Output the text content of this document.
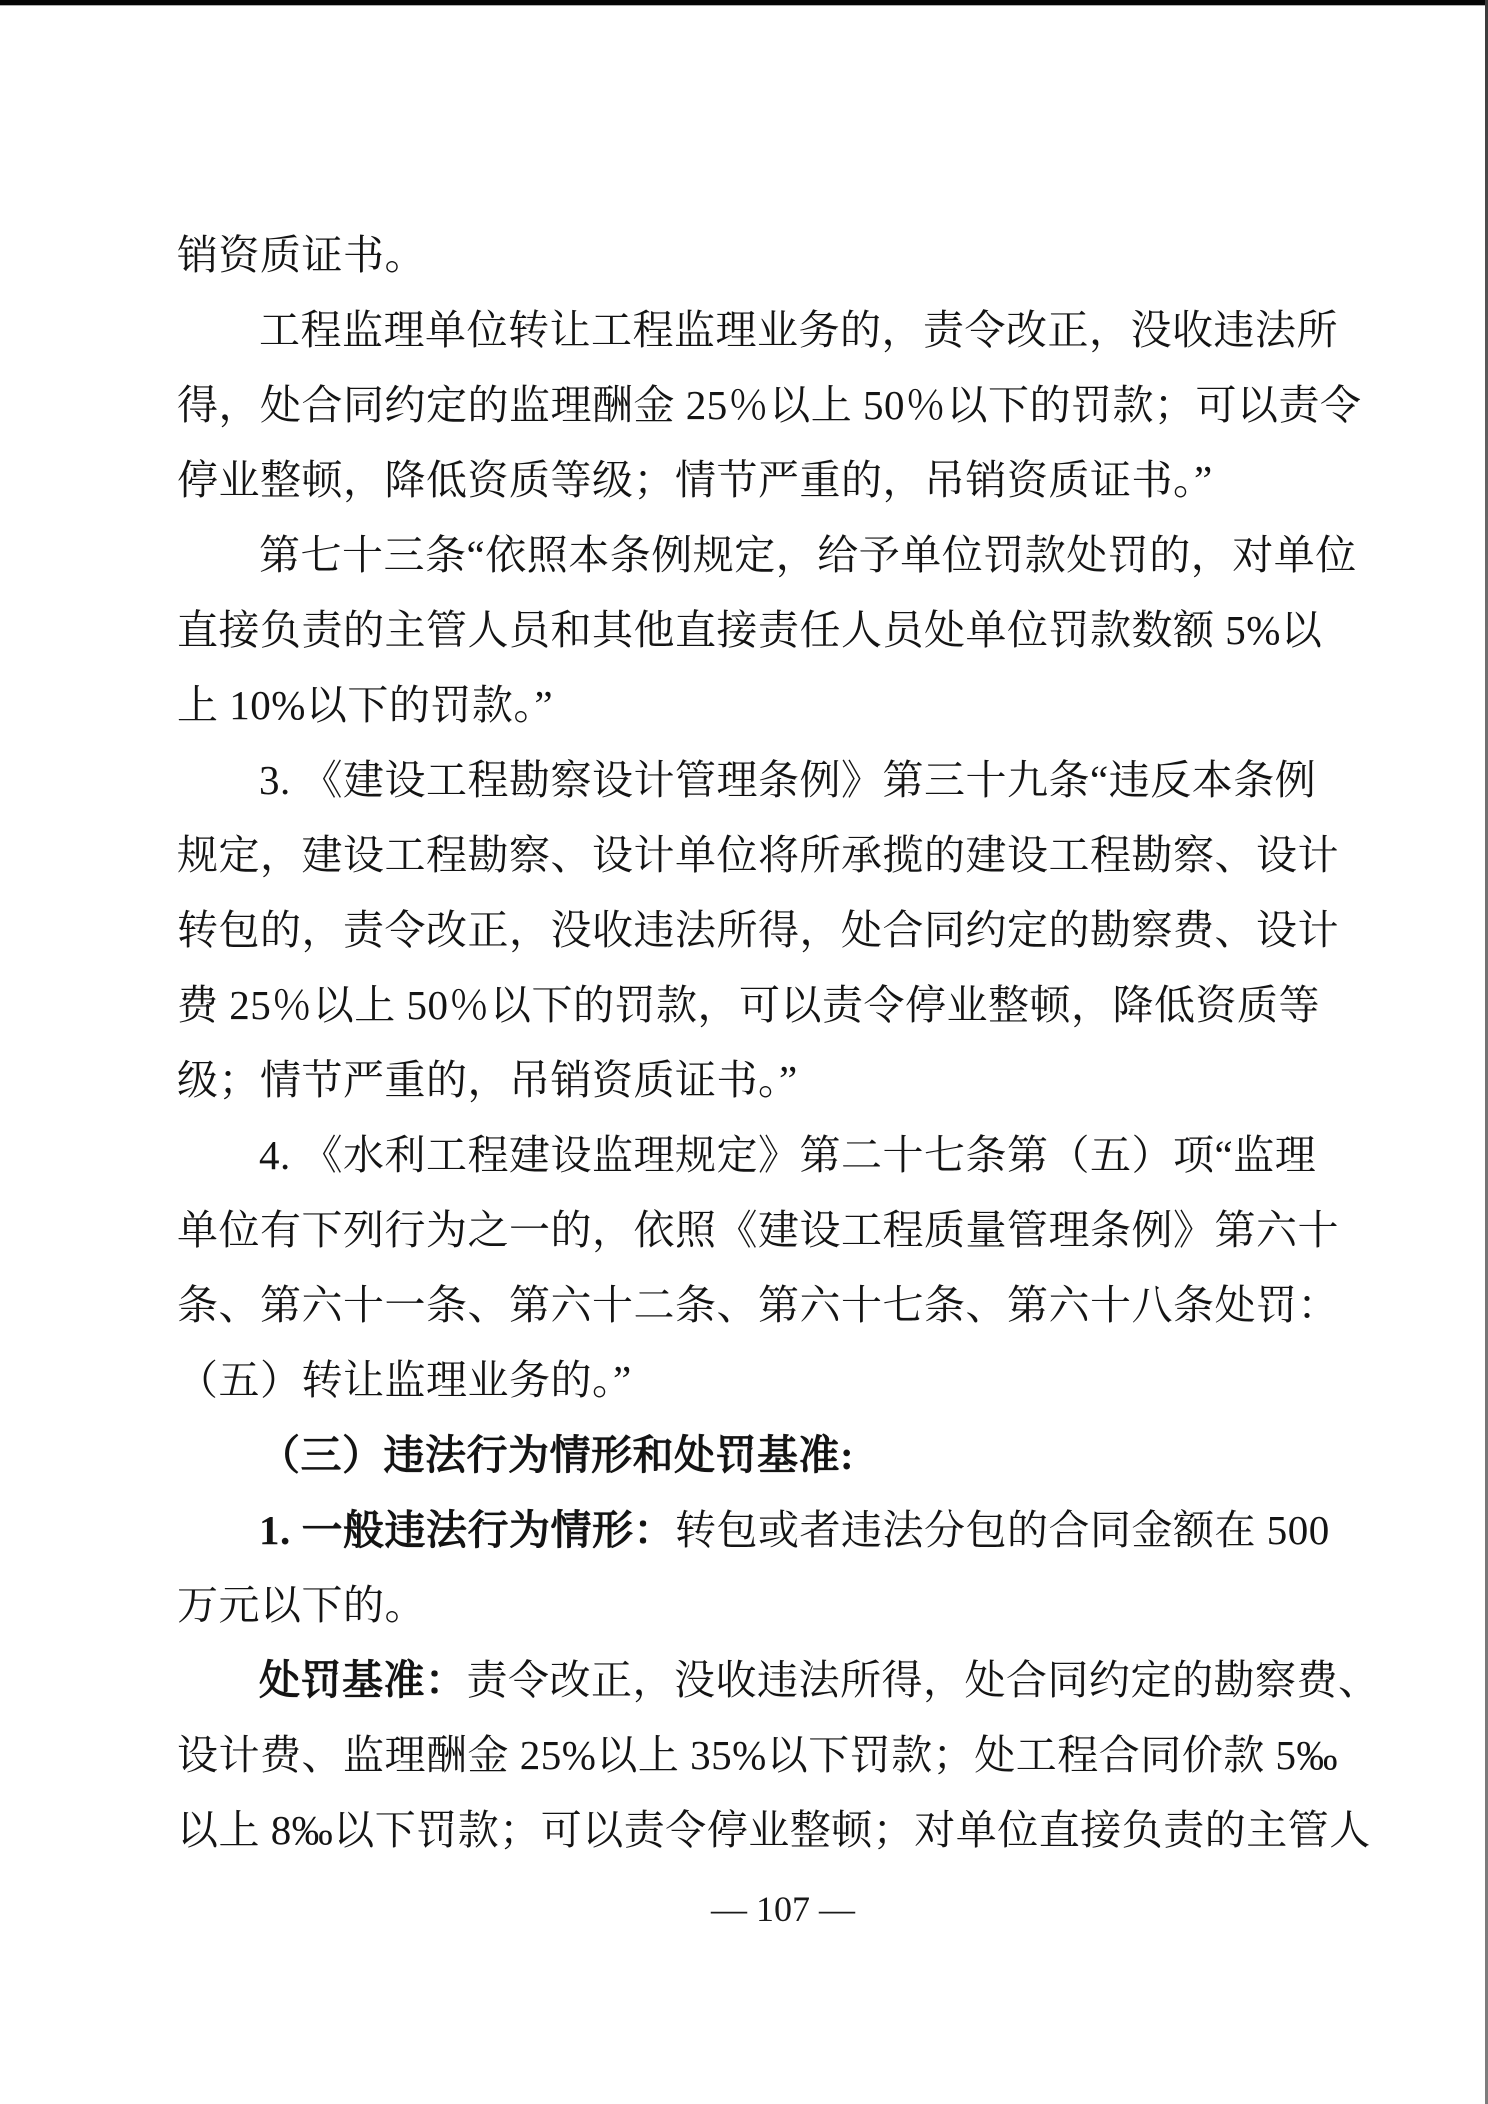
销资质证书。
工程监理单位转让工程监理业务的，责令改正，没收违法所
得，处合同约定的监理酬金 25％以上 50％以下的罚款；可以责令
停业整顿，降低资质等级；情节严重的，吊销资质证书。”
第七十三条“依照本条例规定，给予单位罚款处罚的，对单位
直接负责的主管人员和其他直接责任人员处单位罚款数额 5%以
上 10%以下的罚款。”
3. 《建设工程勘察设计管理条例》第三十九条“违反本条例
规定，建设工程勘察、设计单位将所承揽的建设工程勘察、设计
转包的，责令改正，没收违法所得，处合同约定的勘察费、设计
费 25％以上 50％以下的罚款，可以责令停业整顿，降低资质等
级；情节严重的，吊销资质证书。”
4. 《水利工程建设监理规定》第二十七条第（五）项“监理
单位有下列行为之一的，依照《建设工程质量管理条例》第六十
条、第六十一条、第六十二条、第六十七条、第六十八条处罚：
（五）转让监理业务的。”
（三）违法行为情形和处罚基准:
1. 一般违法行为情形：转包或者违法分包的合同金额在 500
万元以下的。
处罚基准：责令改正，没收违法所得，处合同约定的勘察费、
设计费、监理酬金 25%以上 35%以下罚款；处工程合同价款 5‰
以上 8‰以下罚款；可以责令停业整顿；对单位直接负责的主管人
— 107 —
